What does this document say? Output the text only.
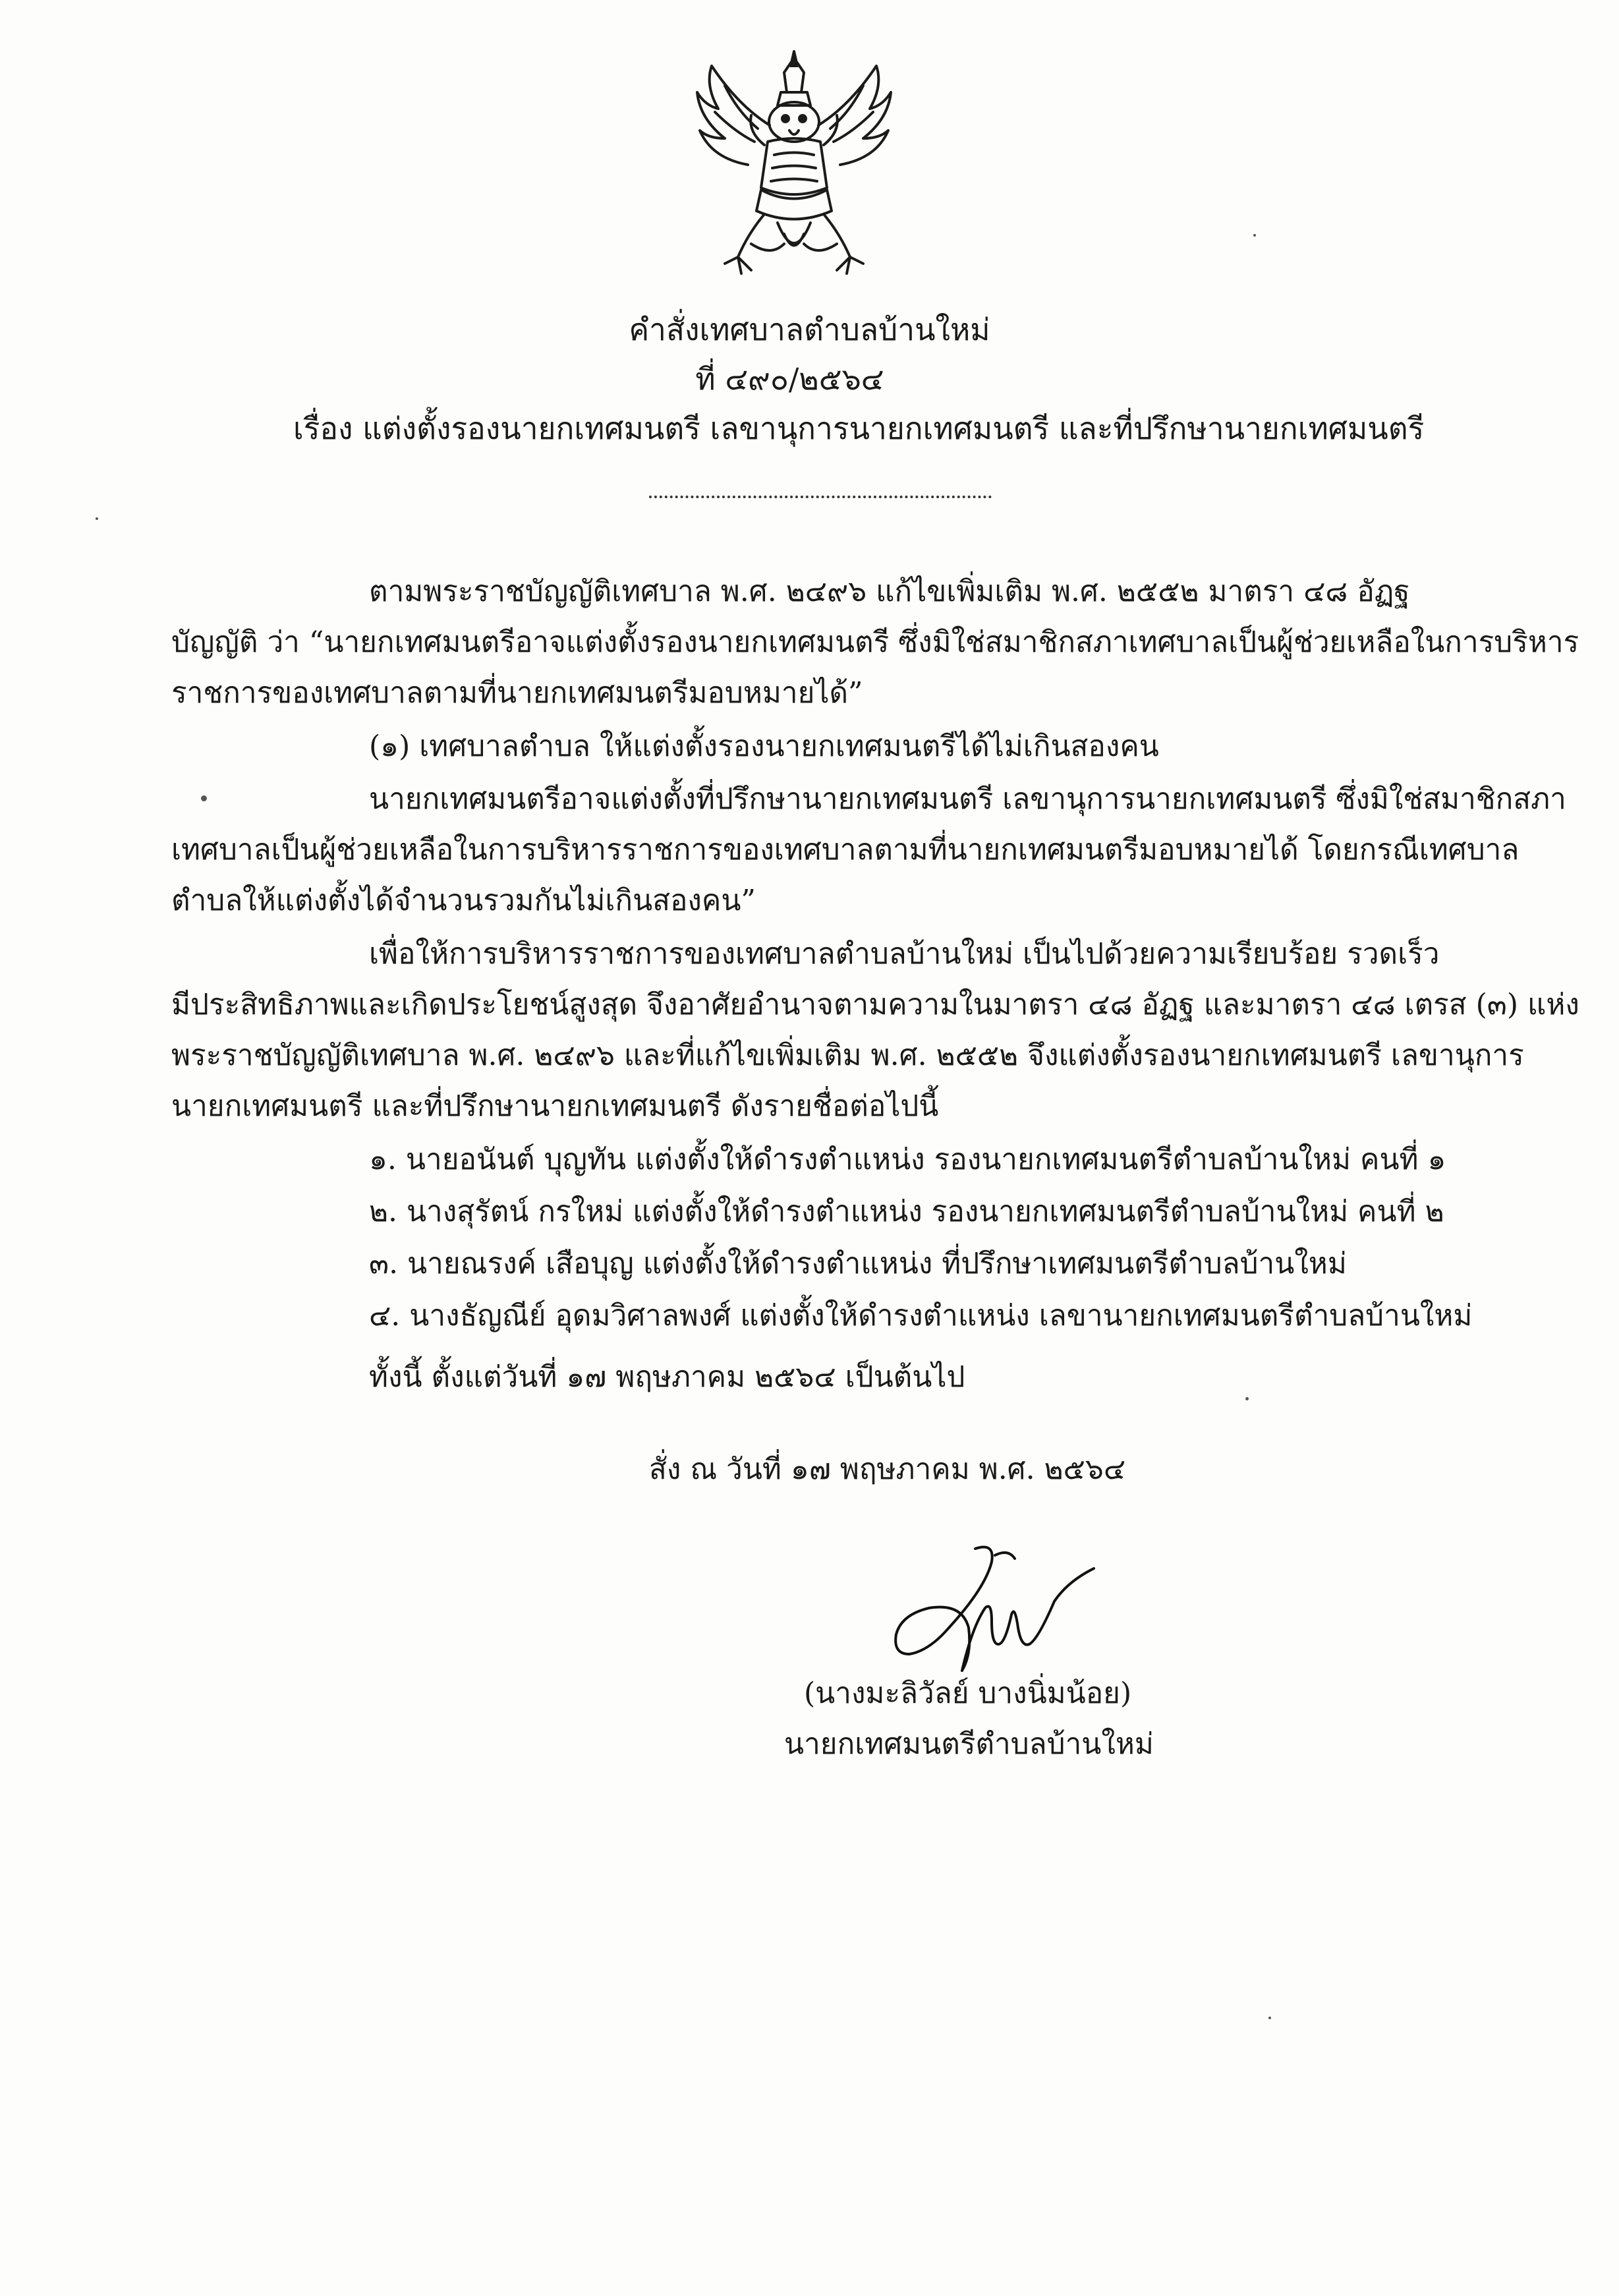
คำสั่งเทศบาลตำบลบ้านใหม่
ที่ ๔๙๐/๒๕๖๔
เรื่อง แต่งตั้งรองนายกเทศมนตรี เลขานุการนายกเทศมนตรี และที่ปรึกษานายกเทศมนตรี
ตามพระราชบัญญัติเทศบาล พ.ศ. ๒๔๙๖ แก้ไขเพิ่มเติม พ.ศ. ๒๕๕๒ มาตรา ๔๘ อัฏฐ
บัญญัติ ว่า “นายกเทศมนตรีอาจแต่งตั้งรองนายกเทศมนตรี ซึ่งมิใช่สมาชิกสภาเทศบาลเป็นผู้ช่วยเหลือในการบริหาร
ราชการของเทศบาลตามที่นายกเทศมนตรีมอบหมายได้”
(๑) เทศบาลตำบล ให้แต่งตั้งรองนายกเทศมนตรีได้ไม่เกินสองคน
นายกเทศมนตรีอาจแต่งตั้งที่ปรึกษานายกเทศมนตรี เลขานุการนายกเทศมนตรี ซึ่งมิใช่สมาชิกสภา
เทศบาลเป็นผู้ช่วยเหลือในการบริหารราชการของเทศบาลตามที่นายกเทศมนตรีมอบหมายได้ โดยกรณีเทศบาล
ตำบลให้แต่งตั้งได้จำนวนรวมกันไม่เกินสองคน”
เพื่อให้การบริหารราชการของเทศบาลตำบลบ้านใหม่ เป็นไปด้วยความเรียบร้อย รวดเร็ว
มีประสิทธิภาพและเกิดประโยชน์สูงสุด จึงอาศัยอำนาจตามความในมาตรา ๔๘ อัฏฐ และมาตรา ๔๘ เตรส (๓) แห่ง
พระราชบัญญัติเทศบาล พ.ศ. ๒๔๙๖ และที่แก้ไขเพิ่มเติม พ.ศ. ๒๕๕๒ จึงแต่งตั้งรองนายกเทศมนตรี เลขานุการ
นายกเทศมนตรี และที่ปรึกษานายกเทศมนตรี ดังรายชื่อต่อไปนี้
๑. นายอนันต์ บุญทัน แต่งตั้งให้ดำรงตำแหน่ง รองนายกเทศมนตรีตำบลบ้านใหม่ คนที่ ๑
๒. นางสุรัตน์ กรใหม่ แต่งตั้งให้ดำรงตำแหน่ง รองนายกเทศมนตรีตำบลบ้านใหม่ คนที่ ๒
๓. นายณรงค์ เสือบุญ แต่งตั้งให้ดำรงตำแหน่ง ที่ปรึกษาเทศมนตรีตำบลบ้านใหม่
๔. นางธัญณีย์ อุดมวิศาลพงศ์ แต่งตั้งให้ดำรงตำแหน่ง เลขานายกเทศมนตรีตำบลบ้านใหม่
ทั้งนี้ ตั้งแต่วันที่ ๑๗ พฤษภาคม ๒๕๖๔ เป็นต้นไป
สั่ง ณ วันที่ ๑๗ พฤษภาคม พ.ศ. ๒๕๖๔
(นางมะลิวัลย์ บางนิ่มน้อย)
นายกเทศมนตรีตำบลบ้านใหม่
